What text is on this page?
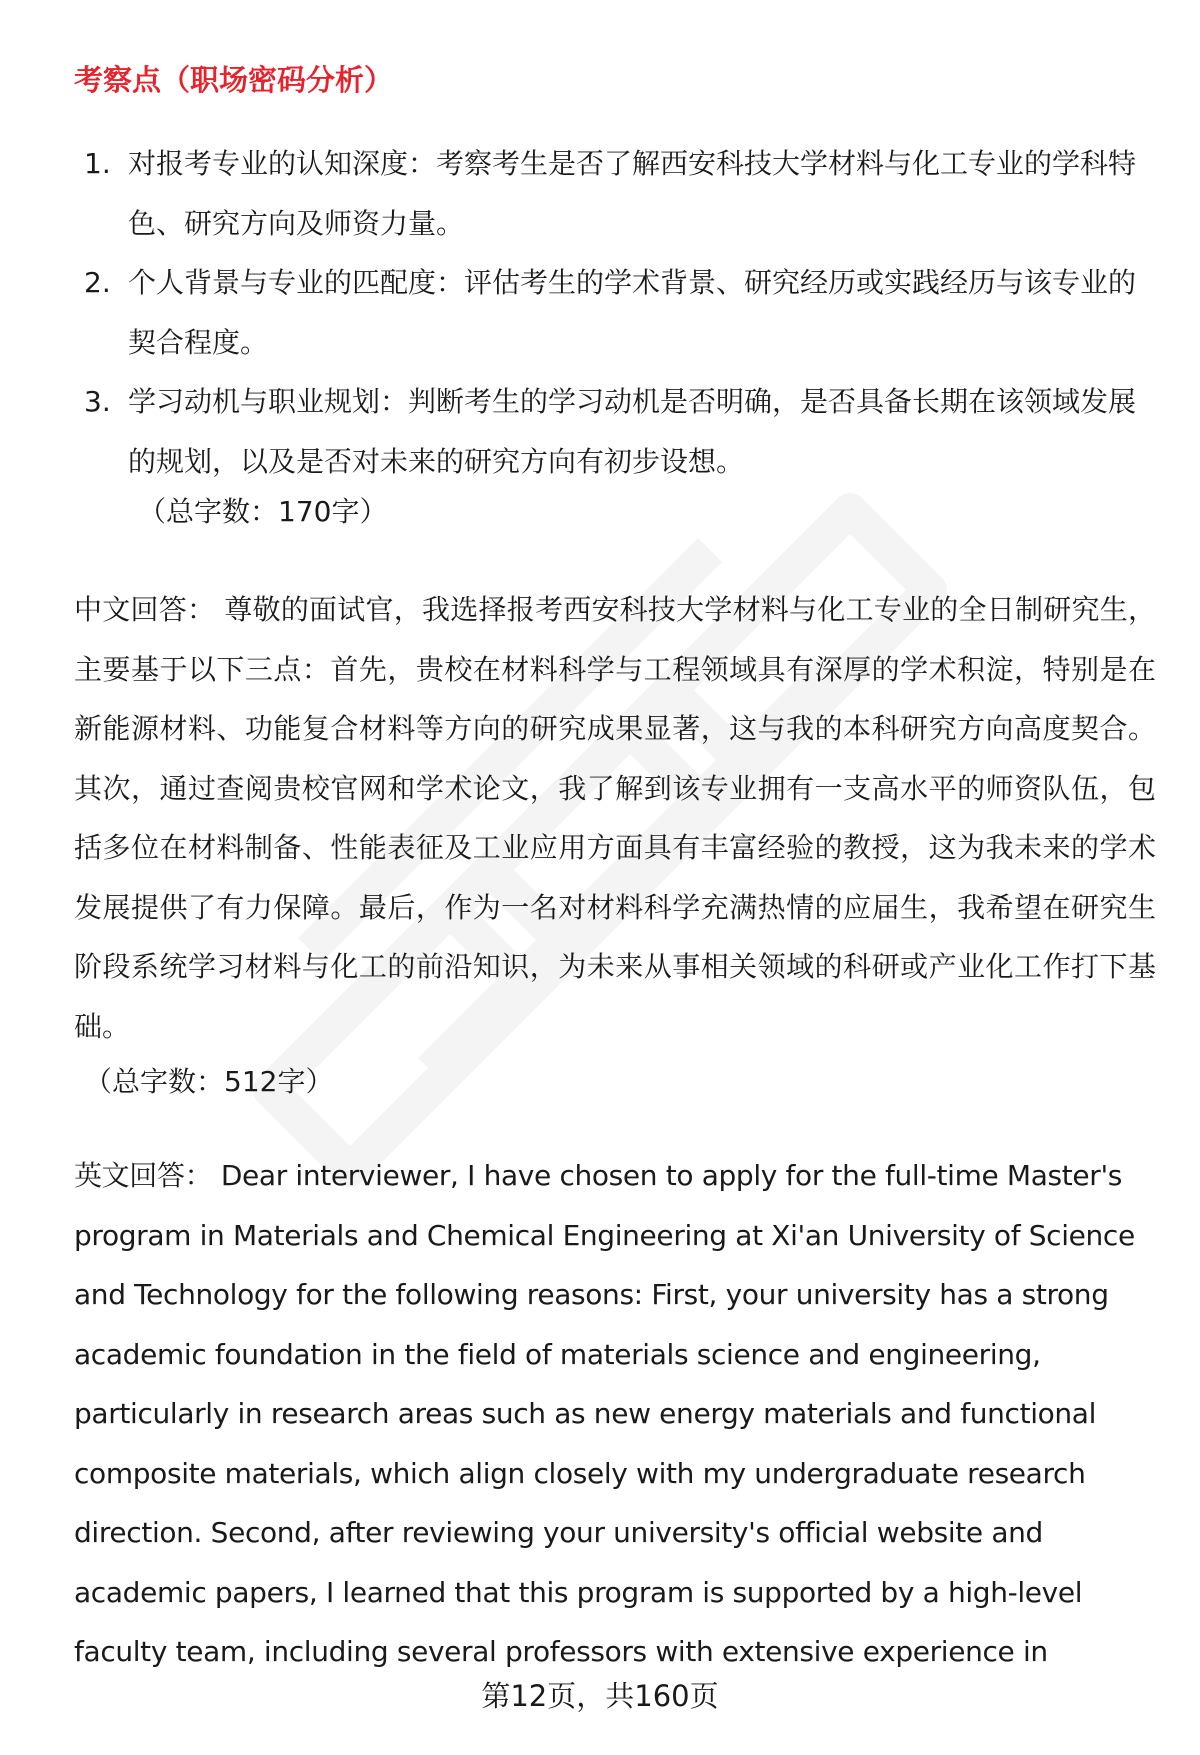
考察点（职场密码分析）
1. 对报考专业的认知深度：考察考生是否了解西安科技大学材料与化工专业的学科特色、研究方向及师资力量。
2. 个人背景与专业的匹配度：评估考生的学术背景、研究经历或实践经历与该专业的契合程度。
3. 学习动机与职业规划：判断考生的学习动机是否明确，是否具备长期在该领域发展的规划，以及是否对未来的研究方向有初步设想。
（总字数：170字）

中文回答： 尊敬的面试官，我选择报考西安科技大学材料与化工专业的全日制研究生，主要基于以下三点：首先，贵校在材料科学与工程领域具有深厚的学术积淀，特别是在新能源材料、功能复合材料等方向的研究成果显著，这与我的本科研究方向高度契合。其次，通过查阅贵校官网和学术论文，我了解到该专业拥有一支高水平的师资队伍，包括多位在材料制备、性能表征及工业应用方面具有丰富经验的教授，这为我未来的学术发展提供了有力保障。最后，作为一名对材料科学充满热情的应届生，我希望在研究生阶段系统学习材料与化工的前沿知识，为未来从事相关领域的科研或产业化工作打下基础。

（总字数：512字）

英文回答： Dear interviewer, I have chosen to apply for the full-time Master's program in Materials and Chemical Engineering at Xi'an University of Science and Technology for the following reasons: First, your university has a strong academic foundation in the field of materials science and engineering, particularly in research areas such as new energy materials and functional composite materials, which align closely with my undergraduate research direction. Second, after reviewing your university's official website and academic papers, I learned that this program is supported by a high-level faculty team, including several professors with extensive experience in

第12页，共160页
